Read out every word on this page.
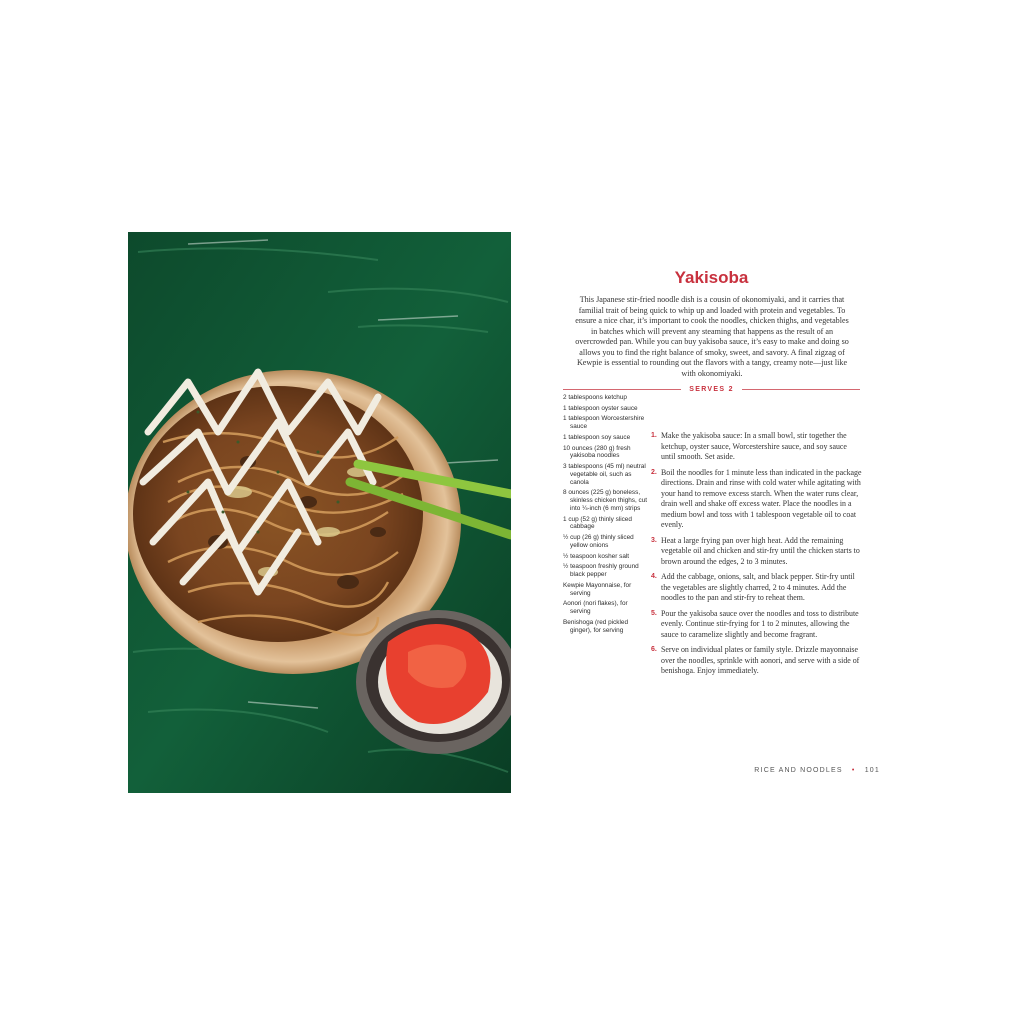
Yakisoba

This Japanese stir-fried noodle dish is a cousin of okonomiyaki, and it carries that familial trait of being quick to whip up and loaded with protein and vegetables. To ensure a nice char, it’s important to cook the noodles, chicken thighs, and vegetables in batches which will prevent any steaming that happens as the result of an overcrowded pan. While you can buy yakisoba sauce, it’s easy to make and doing so allows you to find the right balance of smoky, sweet, and savory. A final zigzag of Kewpie is essential to rounding out the flavors with a tangy, creamy note—just like with okonomiyaki.

SERVES 2
2 tablespoons ketchup
1 tablespoon oyster sauce
1 tablespoon Worcestershire sauce
1 tablespoon soy sauce
10 ounces (280 g) fresh yakisoba noodles
3 tablespoons (45 ml) neutral vegetable oil, such as canola
8 ounces (225 g) boneless, skinless chicken thighs, cut into ¼-inch (6 mm) strips
1 cup (52 g) thinly sliced cabbage
½ cup (26 g) thinly sliced yellow onions
½ teaspoon kosher salt
½ teaspoon freshly ground black pepper
Kewpie Mayonnaise, for serving
Aonori (nori flakes), for serving
Benishoga (red pickled ginger), for serving
1. Make the yakisoba sauce: In a small bowl, stir together the ketchup, oyster sauce, Worcestershire sauce, and soy sauce until smooth. Set aside.
2. Boil the noodles for 1 minute less than indicated in the package directions. Drain and rinse with cold water while agitating with your hand to remove excess starch. When the water runs clear, drain well and shake off excess water. Place the noodles in a medium bowl and toss with 1 tablespoon vegetable oil to coat evenly.
3. Heat a large frying pan over high heat. Add the remaining vegetable oil and chicken and stir-fry until the chicken starts to brown around the edges, 2 to 3 minutes.
4. Add the cabbage, onions, salt, and black pepper. Stir-fry until the vegetables are slightly charred, 2 to 4 minutes. Add the noodles to the pan and stir-fry to reheat them.
5. Pour the yakisoba sauce over the noodles and toss to distribute evenly. Continue stir-frying for 1 to 2 minutes, allowing the sauce to caramelize slightly and become fragrant.
6. Serve on individual plates or family style. Drizzle mayonnaise over the noodles, sprinkle with aonori, and serve with a side of benishoga. Enjoy immediately.
RICE AND NOODLES • 101
